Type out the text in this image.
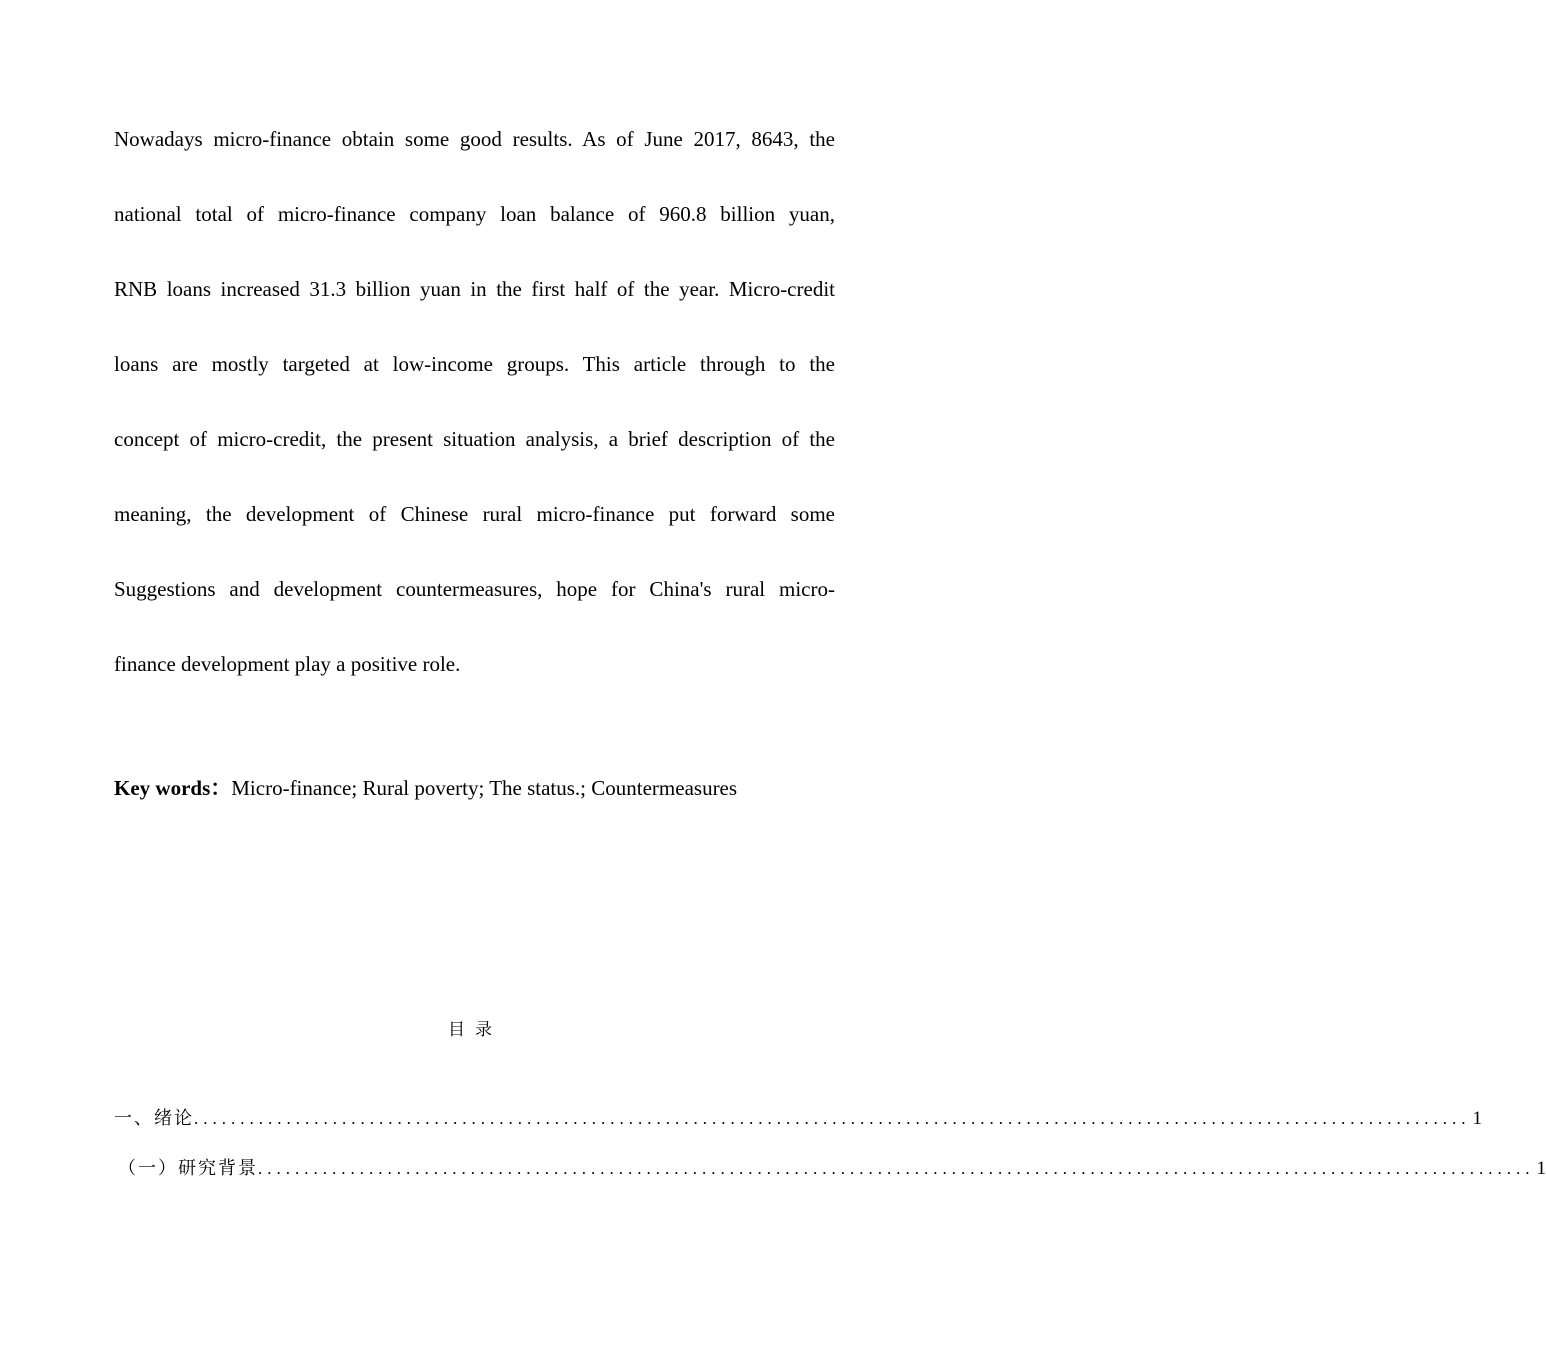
Nowadays micro-finance obtain some good results. As of June 2017, 8643, the
national total of micro-finance company loan balance of 960.8 billion yuan,
RNB loans increased 31.3 billion yuan in the first half of the year. Micro-credit
loans are mostly targeted at low-income groups. This article through to the
concept of micro-credit, the present situation analysis, a brief description of the
meaning, the development of Chinese rural micro-finance put forward some
Suggestions and development countermeasures, hope for China's rural micro-
finance development play a positive role.
Key words：Micro-finance; Rural poverty; The status.; Countermeasures
目录
一、绪论 .......................................................................................................................................... 1
（一）研究背景 .......................................................................................................................................... 1
